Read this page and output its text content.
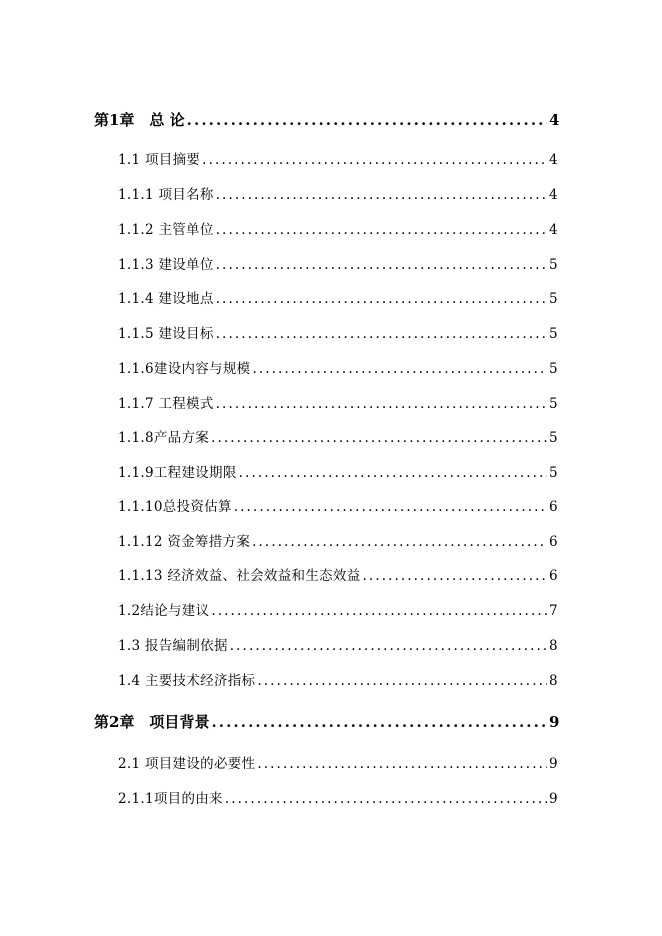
第1章　总 论 .....	4
1.1 项目摘要 .....	4
1.1.1 项目名称 .....	4
1.1.2 主管单位 .....	4
1.1.3 建设单位 .....	5
1.1.4 建设地点 .....	5
1.1.5 建设目标 .....	5
1.1.6建设内容与规模 .....	5
1.1.7 工程模式 .....	5
1.1.8产品方案 .....	5
1.1.9工程建设期限 .....	5
1.1.10总投资估算 .....	6
1.1.12 资金筹措方案 .....	6
1.1.13 经济效益、社会效益和生态效益 .....	6
1.2结论与建议 .....	7
1.3 报告编制依据 .....	8
1.4 主要技术经济指标 .....	8
第2章　项目背景 .....	9
2.1 项目建设的必要性 .....	9
2.1.1项目的由来 .....	9
